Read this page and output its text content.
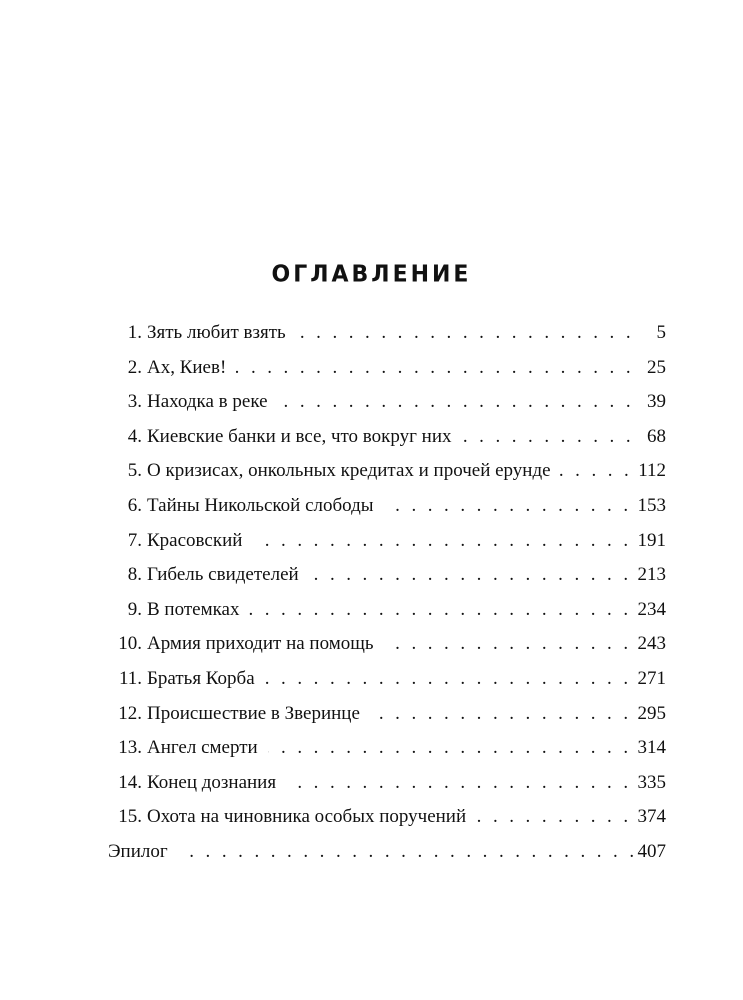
ОГЛАВЛЕНИЕ
1. Зять любит взять . . .	5
2. Ах, Киев! . . .	25
3. Находка в реке . . .	39
4. Киевские банки и все, что вокруг них . . .	68
5. О кризисах, онкольных кредитах и прочей ерунде . . .	112
6. Тайны Никольской слободы . . .	153
7. Красовский . . .	191
8. Гибель свидетелей . . .	213
9. В потемках . . .	234
10. Армия приходит на помощь . . .	243
11. Братья Корба . . .	271
12. Происшествие в Зверинце . . .	295
13. Ангел смерти . . .	314
14. Конец дознания . . .	335
15. Охота на чиновника особых поручений . . .	374
Эпилог . . .	407
